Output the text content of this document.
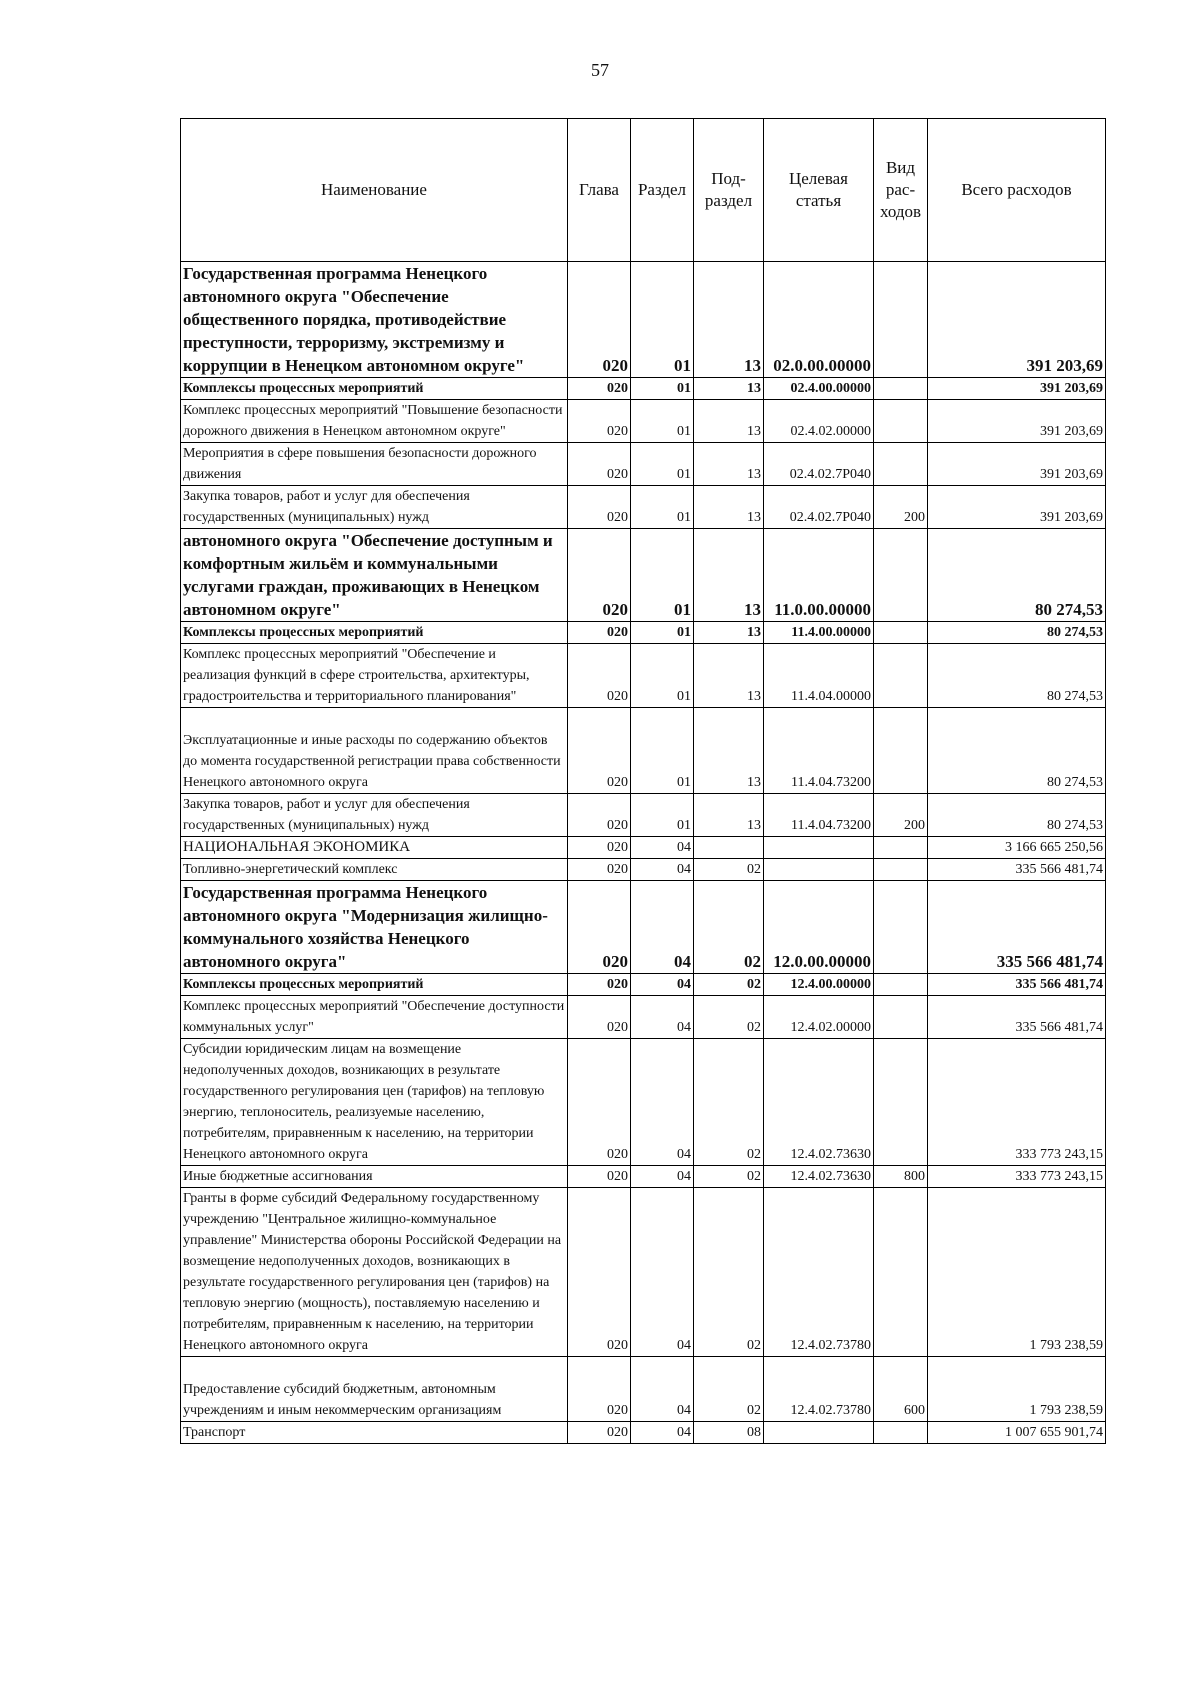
57
Наименование	Глава	Раздел	Под- раздел	Целевая статья	Вид рас- ходов	Всего расходов
Государственная программа Ненецкого автономного округа "Обеспечение общественного порядка, противодействие преступности, терроризму, экстремизму и коррупции в Ненецком автономном округе"	020	01	13	02.0.00.00000		391 203,69
Комплексы процессных мероприятий	020	01	13	02.4.00.00000		391 203,69
Комплекс процессных мероприятий "Повышение безопасности дорожного движения в Ненецком автономном округе"	020	01	13	02.4.02.00000		391 203,69
Мероприятия в сфере повышения безопасности дорожного движения	020	01	13	02.4.02.7Р040		391 203,69
Закупка товаров, работ и услуг для обеспечения государственных (муниципальных) нужд	020	01	13	02.4.02.7Р040	200	391 203,69
автономного округа "Обеспечение доступным и комфортным жильём и коммунальными услугами граждан, проживающих в Ненецком автономном округе"	020	01	13	11.0.00.00000		80 274,53
Комплексы процессных мероприятий	020	01	13	11.4.00.00000		80 274,53
Комплекс процессных мероприятий "Обеспечение и реализация функций в сфере строительства, архитектуры, градостроительства и территориального планирования"	020	01	13	11.4.04.00000		80 274,53
Эксплуатационные и иные расходы по содержанию объектов до момента государственной регистрации права собственности Ненецкого автономного округа	020	01	13	11.4.04.73200		80 274,53
Закупка товаров, работ и услуг для обеспечения государственных (муниципальных) нужд	020	01	13	11.4.04.73200	200	80 274,53
НАЦИОНАЛЬНАЯ ЭКОНОМИКА	020	04				3 166 665 250,56
Топливно-энергетический комплекс	020	04	02			335 566 481,74
Государственная программа Ненецкого автономного округа "Модернизация жилищно-коммунального хозяйства Ненецкого автономного округа"	020	04	02	12.0.00.00000		335 566 481,74
Комплексы процессных мероприятий	020	04	02	12.4.00.00000		335 566 481,74
Комплекс процессных мероприятий "Обеспечение доступности коммунальных услуг"	020	04	02	12.4.02.00000		335 566 481,74
Субсидии юридическим лицам на возмещение недополученных доходов, возникающих в результате государственного регулирования цен (тарифов) на тепловую энергию, теплоноситель, реализуемые населению, потребителям, приравненным к населению, на территории Ненецкого автономного округа	020	04	02	12.4.02.73630		333 773 243,15
Иные бюджетные ассигнования	020	04	02	12.4.02.73630	800	333 773 243,15
Гранты в форме субсидий Федеральному государственному учреждению "Центральное жилищно-коммунальное управление" Министерства обороны Российской Федерации на возмещение недополученных доходов, возникающих в результате государственного регулирования цен (тарифов) на тепловую энергию (мощность), поставляемую населению и потребителям, приравненным к населению, на территории Ненецкого автономного округа	020	04	02	12.4.02.73780		1 793 238,59
Предоставление субсидий бюджетным, автономным учреждениям и иным некоммерческим организациям	020	04	02	12.4.02.73780	600	1 793 238,59
Транспорт	020	04	08			1 007 655 901,74
